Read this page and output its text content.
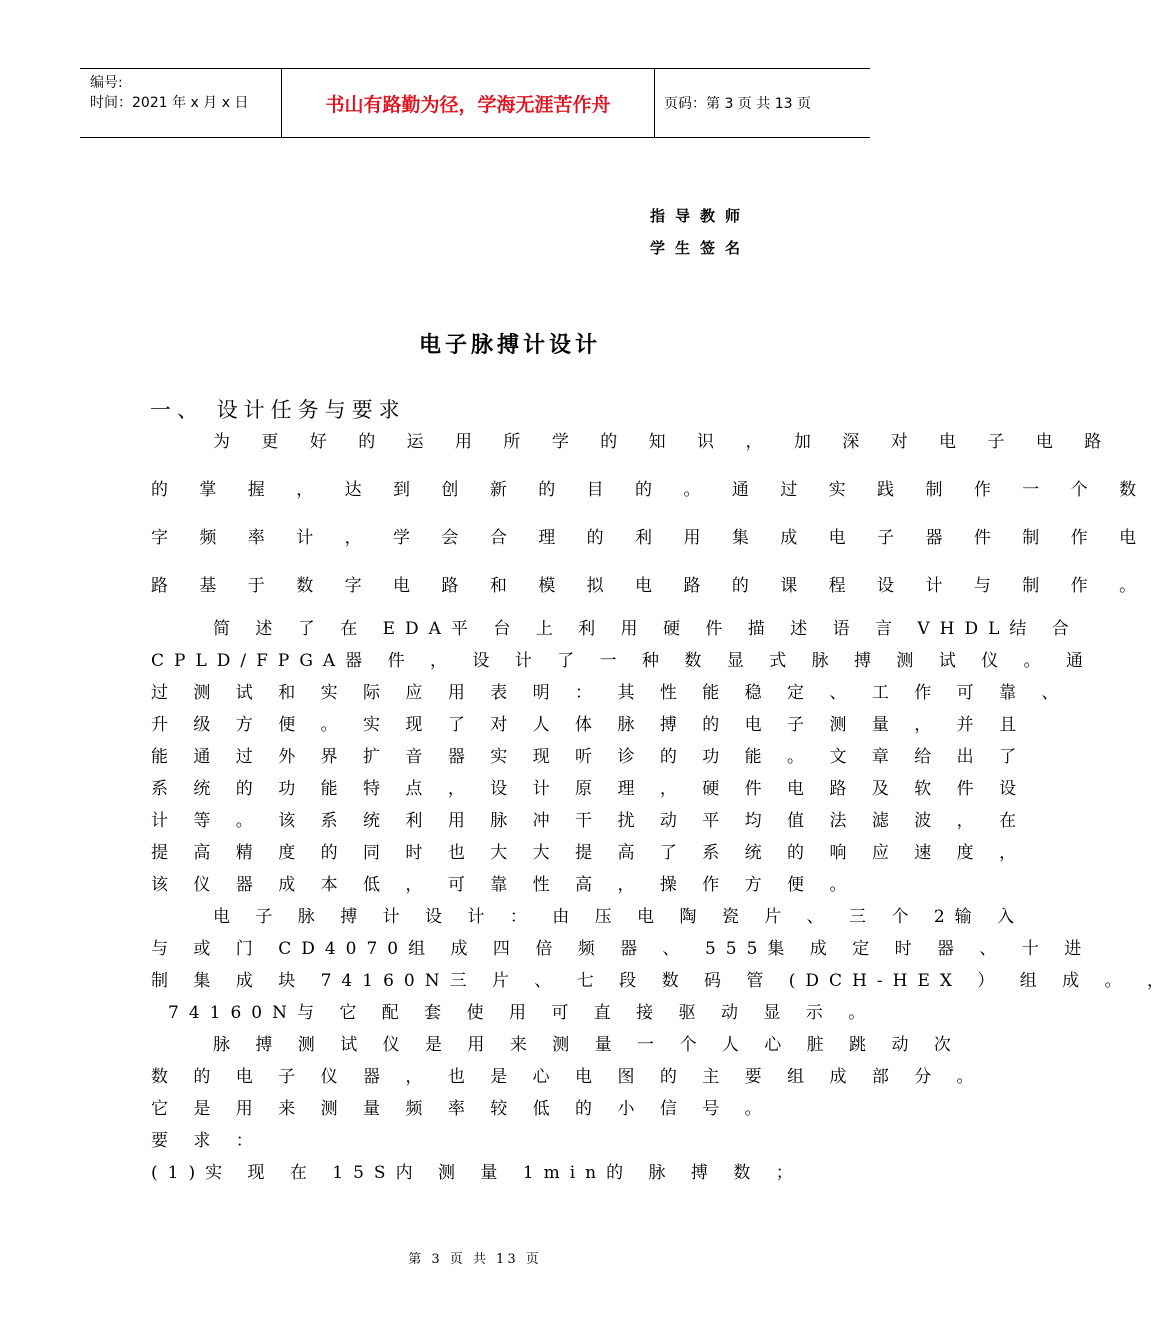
编号:
时间：2021 年 x 月 x 日	书山有路勤为径，学海无涯苦作舟	页码：第 3 页 共 13 页
指导教师
学生签名
电子脉搏计设计
一、 设计任务与要求
为 更 好 的 运 用 所 学 的 知 识 ， 加 深 对 电 子 电 路
的 掌 握 ， 达 到 创 新 的 目 的 。 通 过 实 践 制 作 一 个 数
字 频 率 计 ， 学 会 合 理 的 利 用 集 成 电 子 器 件 制 作 电
路 基 于 数 字 电 路 和 模 拟 电 路 的 课 程 设 计 与 制 作 。
简 述 了 在 EDA平 台 上 利 用 硬 件 描 述 语 言 VHDL结 合
CPLD/FPGA器 件 ， 设 计 了 一 种 数 显 式 脉 搏 测 试 仪 。 通
过 测 试 和 实 际 应 用 表 明 ： 其 性 能 稳 定 、 工 作 可 靠 、
升 级 方 便 。 实 现 了 对 人 体 脉 搏 的 电 子 测 量 ， 并 且
能 通 过 外 界 扩 音 器 实 现 听 诊 的 功 能 。 文 章 给 出 了
系 统 的 功 能 特 点 ， 设 计 原 理 ， 硬 件 电 路 及 软 件 设
计 等 。 该 系 统 利 用 脉 冲 干 扰 动 平 均 值 法 滤 波 ， 在
提 高 精 度 的 同 时 也 大 大 提 高 了 系 统 的 响 应 速 度 ，
该 仪 器 成 本 低 ， 可 靠 性 高 ， 操 作 方 便 。
电 子 脉 搏 计 设 计 ： 由 压 电 陶 瓷 片 、 三 个 2输 入
与 或 门 CD4070组 成 四 倍 频 器 、 555集 成 定 时 器 、 十 进
制 集 成 块 74160N三 片 、 七 段 数 码 管 (DCH-HEX ） 组 成 。 ，
74160N与 它 配 套 使 用 可 直 接 驱 动 显 示 。
脉 搏 测 试 仪 是 用 来 测 量 一 个 人 心 脏 跳 动 次
数 的 电 子 仪 器 ， 也 是 心 电 图 的 主 要 组 成 部 分 。
它 是 用 来 测 量 频 率 较 低 的 小 信 号 。
要 求 ：
(1)实 现 在 15S内 测 量 1min的 脉 搏 数 ；
第 3 页 共 13 页
